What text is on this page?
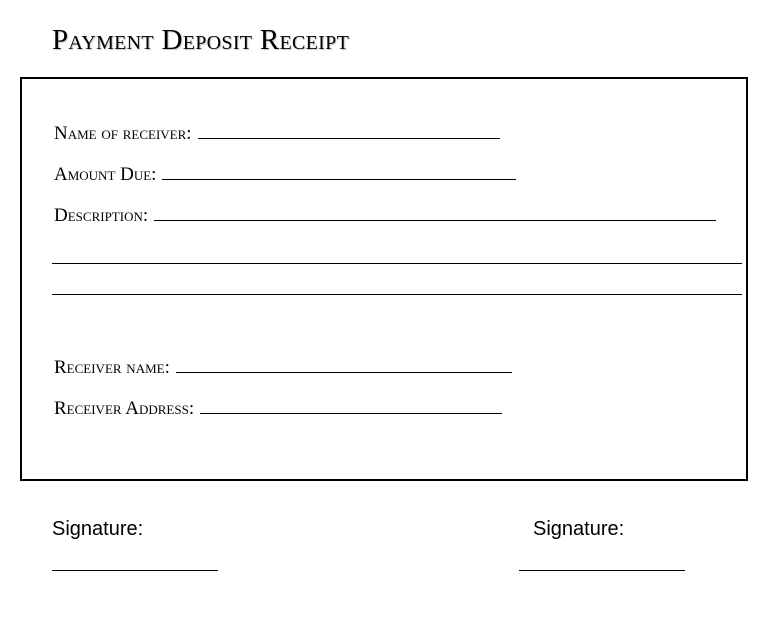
Payment Deposit Receipt
Name of receiver:
Amount Due:
Description:
Receiver name:
Receiver Address:
Signature:	Signature:
